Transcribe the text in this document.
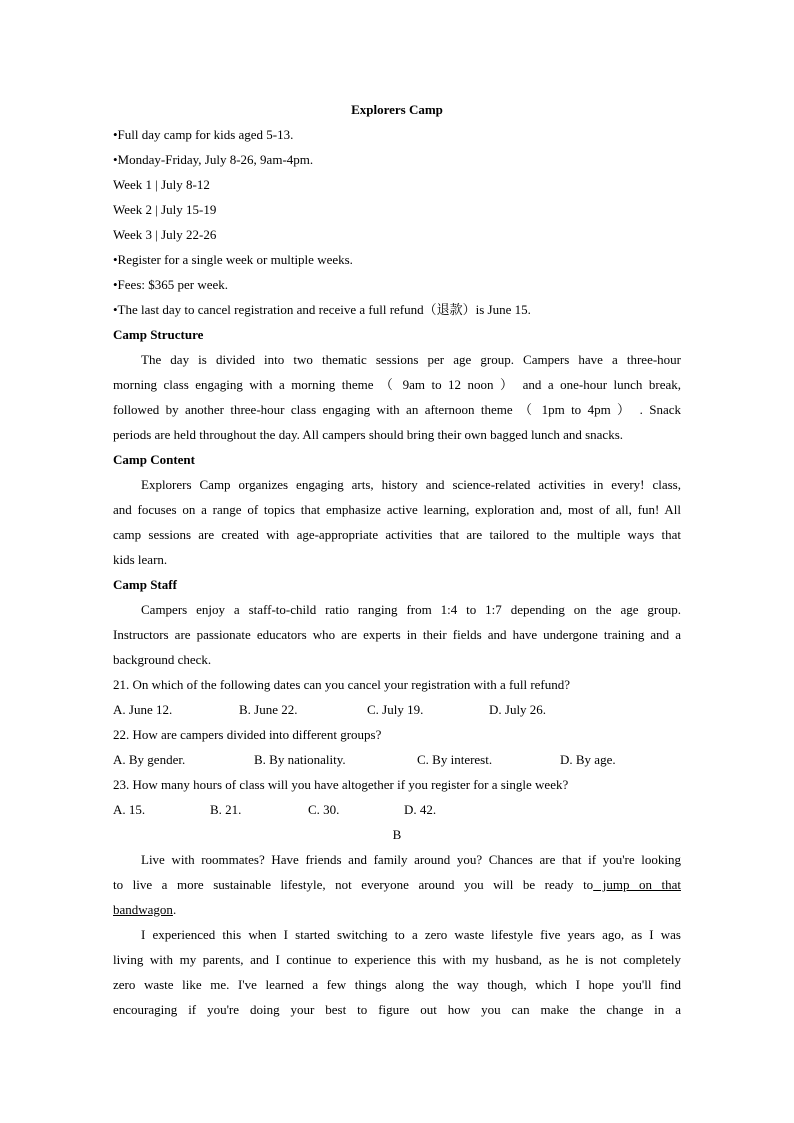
Explorers Camp
•Full day camp for kids aged 5-13.
•Monday-Friday, July 8-26, 9am-4pm.
Week 1 | July 8-12
Week 2 | July 15-19
Week 3 | July 22-26
•Register for a single week or multiple weeks.
•Fees: $365 per week.
•The last day to cancel registration and receive a full refund（退款）is June 15.
Camp Structure
The day is divided into two thematic sessions per age group. Campers have a three-hour
morning class engaging with a morning theme （ 9am to 12 noon ） and a one-hour lunch break,
followed by another three-hour class engaging with an afternoon theme （ 1pm to 4pm ） . Snack
periods are held throughout the day. All campers should bring their own bagged lunch and snacks.
Camp Content
Explorers Camp organizes engaging arts, history and science-related activities in every! class,
and focuses on a range of topics that emphasize active learning, exploration and, most of all, fun! All
camp sessions are created with age-appropriate activities that are tailored to the multiple ways that
kids learn.
Camp Staff
Campers enjoy a staff-to-child ratio ranging from 1:4 to 1:7 depending on the age group.
Instructors are passionate educators who are experts in their fields and have undergone training and a
background check.
21. On which of the following dates can you cancel your registration with a full refund?
A. June 12.	B. June 22.	C. July 19.	D. July 26.
22. How are campers divided into different groups?
A. By gender.	B. By nationality.	C. By interest.	D. By age.
23. How many hours of class will you have altogether if you register for a single week?
A. 15.	B. 21.	C. 30.	D. 42.
B
Live with roommates? Have friends and family around you? Chances are that if you're looking
to live a more sustainable lifestyle, not everyone around you will be ready to jump on that
bandwagon.
I experienced this when I started switching to a zero waste lifestyle five years ago, as I was
living with my parents, and I continue to experience this with my husband, as he is not completely
zero waste like me. I've learned a few things along the way though, which I hope you'll find
encouraging if you're doing your best to figure out how you can make the change in a
